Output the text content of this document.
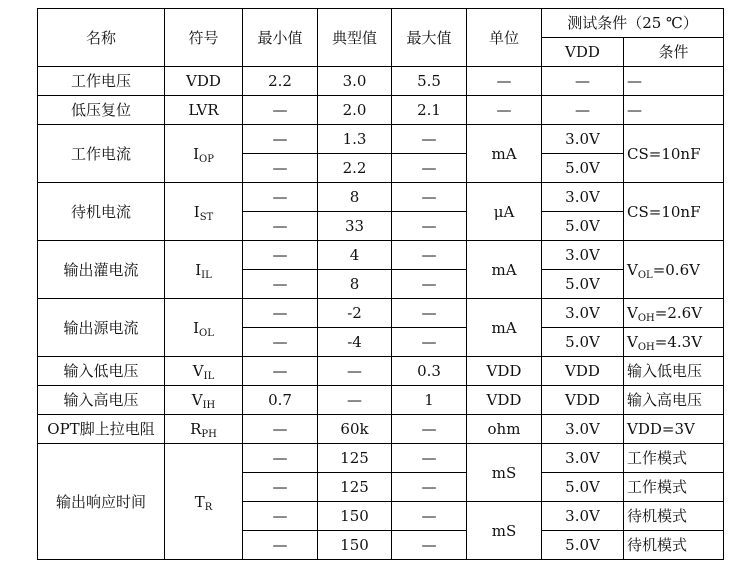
名称	符号	最小值	典型值	最大值	单位	测试条件（25 ℃）	
						VDD	条件
工作电压	VDD	2.2	3.0	5.5	—	—	—
低压复位	LVR	—	2.0	2.1	—	—	—
工作电流	$I_{OP}$	—	1.3	—	mA	3.0V	CS=10nF
		—	2.2	—		5.0V	
待机电流	$I_{ST}$	—	8	—	μA	3.0V	CS=10nF
		—	33	—		5.0V	
输出灌电流	$I_{IL}$	—	4	—	mA	3.0V	$V_{OL}=0.6V$
		—	8	—		5.0V	
输出源电流	$I_{OL}$	—	-2	—	mA	3.0V	$V_{OH}=2.6V$
		—	-4	—		5.0V	$V_{OH}=4.3V$
输入低电压	$V_{IL}$	—	—	0.3	VDD	VDD	输入低电压
输入高电压	$V_{IH}$	0.7	—	1	VDD	VDD	输入高电压
OPT脚上拉电阻	$R_{PH}$	—	60k	—	ohm	3.0V	VDD=3V
输出响应时间	$T_R$	—	125	—	mS	3.0V	工作模式
		—	125	—		5.0V	工作模式
		—	150	—	mS	3.0V	待机模式
		—	150	—		5.0V	待机模式
